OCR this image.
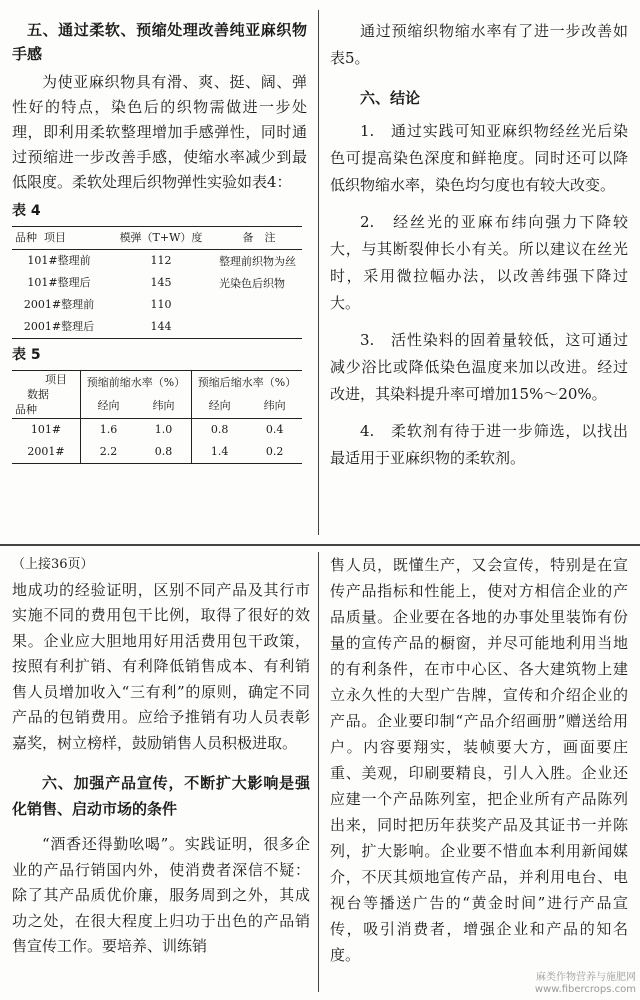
五、通过柔软、预缩处理改善纯亚麻织物手感

为使亚麻织物具有滑、爽、挺、阔、弹性好的特点，染色后的织物需做进一步处理，即利用柔软整理增加手感弹性，同时通过预缩进一步改善手感，使缩水率减少到最低限度。柔软处理后织物弹性实验如表4：

表 4
品种 项目	模弹（T+W）度	备　注
101#整理前	112	整理前织物为丝光染色后织物
101#整理后	145	
2001#整理前	110	
2001#整理后	144	
表 5
项目
数据
品种	预缩前缩水率（%）		预缩后缩水率（%）	
	经向	纬向	经向	纬向
101#	1.6	1.0	0.8	0.4
2001#	2.2	0.8	1.4	0.2

通过预缩织物缩水率有了进一步改善如表5。

六、结论

1.　通过实践可知亚麻织物经丝光后染色可提高染色深度和鲜艳度。同时还可以降低织物缩水率，染色均匀度也有较大改变。

2.　经丝光的亚麻布纬向强力下降较大，与其断裂伸长小有关。所以建议在丝光时，采用微拉幅办法，以改善纬强下降过大。

3.　活性染料的固着量较低，这可通过减少浴比或降低染色温度来加以改进。经过改进，其染料提升率可增加15%～20%。

4.　柔软剂有待于进一步筛选，以找出最适用于亚麻织物的柔软剂。

（上接36页）

地成功的经验证明，区别不同产品及其行市　实施不同的费用包干比例，取得了很好的效果。企业应大胆地用好用活费用包干政策，按照有利扩销、有利降低销售成本、有利销售人员增加收入“三有利”的原则，确定不同产品的包销费用。应给予推销有功人员表彰嘉奖，树立榜样，鼓励销售人员积极进取。

六、加强产品宣传，不断扩大影响是强化销售、启动市场的条件

“酒香还得勤吆喝”。实践证明，很多企业的产品行销国内外，使消费者深信不疑：除了其产品质优价廉，服务周到之外，其成功之处，在很大程度上归功于出色的产品销售宣传工作。要培养、训练销

售人员，既懂生产，又会宣传，特别是在宣传产品指标和性能上，使对方相信企业的产品质量。企业要在各地的办事处里装饰有份量的宣传产品的橱窗，并尽可能地利用当地的有利条件，在市中心区、各大建筑物上建立永久性的大型广告牌，宣传和介绍企业的产品。企业要印制“产品介绍画册”赠送给用户。内容要翔实，装帧要大方，画面要庄重、美观，印刷要精良，引人入胜。企业还应建一个产品陈列室，把企业所有产品陈列出来，同时把历年获奖产品及其证书一并陈列，扩大影响。企业要不惜血本利用新闻媒介，不厌其烦地宣传产品，并利用电台、电视台等播送广告的“黄金时间”进行产品宣传，吸引消费者，增强企业和产品的知名度。

麻类作物营养与施肥网
www.fibercrops.com
